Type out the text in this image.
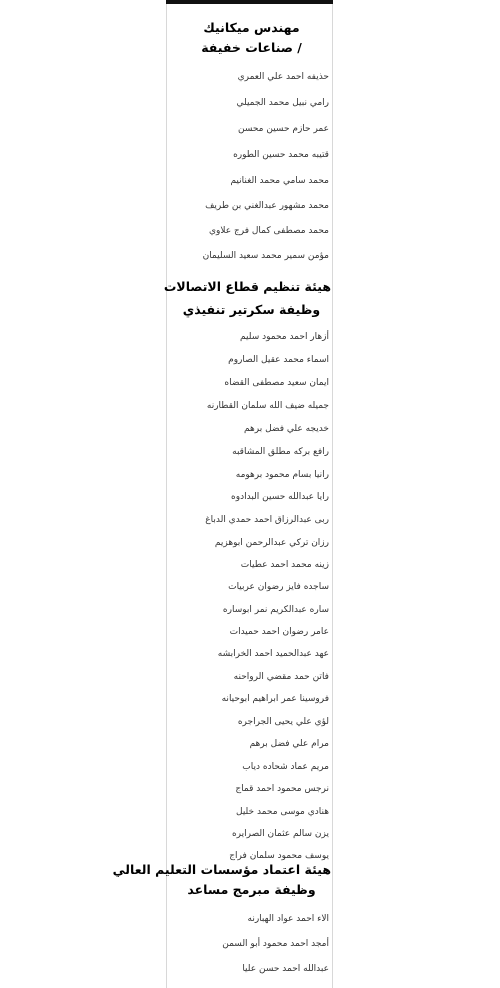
مهندس ميكانيك
/ صناعات خفيفة
حذيفه احمد علي العمري
رامي نبيل محمد الجميلي
عمر حازم حسين محسن
قتيبه محمد حسين الطوره
محمد سامي محمد الغنانيم
محمد مشهور عبدالغني بن طريف
محمد مصطفى كمال فرج علاوي
مؤمن سمير محمد سعيد السليمان
هيئة تنظيم قطاع الاتصالات
وظيفة سكرتير تنفيذي
أزهار احمد محمود سليم
اسماء محمد عقيل الصاروم
ايمان سعيد مصطفى القضاه
جميله ضيف الله سلمان القطارنه
خديجه علي فضل برهم
رافع بركه مطلق المشاقبه
رانيا بسام محمود برهومه
رايا عبدالله حسين البدادوه
ربى عبدالرزاق احمد حمدي الدباغ
رزان تركي عبدالرحمن ابوهزيم
زينه محمد احمد عطيات
ساجده فايز رضوان عربيات
ساره عبدالكريم نمر ابوساره
عامر رضوان احمد حميدات
عهد عبدالحميد احمد الخرابشه
فاتن حمد مقضي الرواحنه
فروسينا عمر ابراهيم ابوحيانه
لؤي علي يحيى الجراجره
مرام علي فضل برهم
مريم عماد شحاده دياب
نرجس محمود احمد قماج
هنادي موسى محمد خليل
يزن سالم عثمان الصرايره
يوسف محمود سلمان فراج
هيئة اعتماد مؤسسات التعليم العالي
وظيفة مبرمج مساعد
الاء احمد عواد الهبارنه
أمجد احمد محمود أبو السمن
عبدالله احمد حسن عليا
